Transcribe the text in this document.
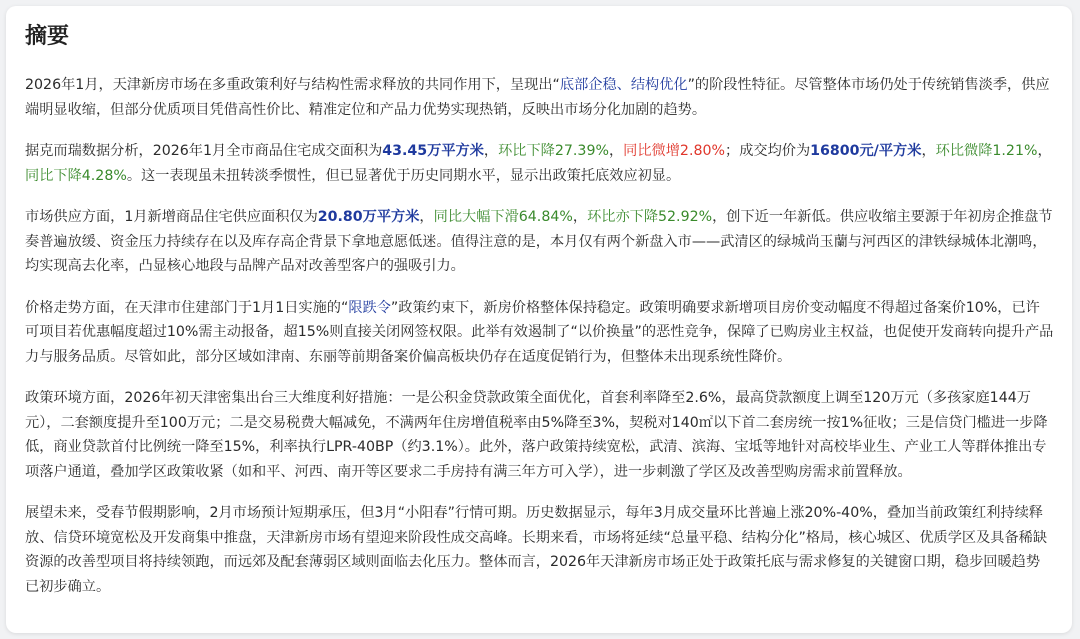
摘要

2026年1月，天津新房市场在多重政策利好与结构性需求释放的共同作用下，呈现出“底部企稳、结构优化”的阶段性特征。尽管整体市场仍处于传统销售淡季，供应端明显收缩，但部分优质项目凭借高性价比、精准定位和产品力优势实现热销，反映出市场分化加剧的趋势。

据克而瑞数据分析，2026年1月全市商品住宅成交面积为43.45万平方米，环比下降27.39%，同比微增2.80%；成交均价为16800元/平方米，环比微降1.21%，同比下降4.28%。这一表现虽未扭转淡季惯性，但已显著优于历史同期水平，显示出政策托底效应初显。

市场供应方面，1月新增商品住宅供应面积仅为20.80万平方米，同比大幅下滑64.84%，环比亦下降52.92%，创下近一年新低。供应收缩主要源于年初房企推盘节奏普遍放缓、资金压力持续存在以及库存高企背景下拿地意愿低迷。值得注意的是，本月仅有两个新盘入市——武清区的绿城尚玉蘭与河西区的津铁绿城体北潮鸣，均实现高去化率，凸显核心地段与品牌产品对改善型客户的强吸引力。

价格走势方面，在天津市住建部门于1月1日实施的“限跌令”政策约束下，新房价格整体保持稳定。政策明确要求新增项目房价变动幅度不得超过备案价10%，已许可项目若优惠幅度超过10%需主动报备，超15%则直接关闭网签权限。此举有效遏制了“以价换量”的恶性竞争，保障了已购房业主权益，也促使开发商转向提升产品力与服务品质。尽管如此，部分区域如津南、东丽等前期备案价偏高板块仍存在适度促销行为，但整体未出现系统性降价。

政策环境方面，2026年初天津密集出台三大维度利好措施：一是公积金贷款政策全面优化，首套利率降至2.6%，最高贷款额度上调至120万元（多孩家庭144万元），二套额度提升至100万元；二是交易税费大幅减免，不满两年住房增值税率由5%降至3%，契税对140㎡以下首二套房统一按1%征收；三是信贷门槛进一步降低，商业贷款首付比例统一降至15%，利率执行LPR-40BP（约3.1%）。此外，落户政策持续宽松，武清、滨海、宝坻等地针对高校毕业生、产业工人等群体推出专项落户通道，叠加学区政策收紧（如和平、河西、南开等区要求二手房持有满三年方可入学），进一步刺激了学区及改善型购房需求前置释放。

展望未来，受春节假期影响，2月市场预计短期承压，但3月“小阳春”行情可期。历史数据显示，每年3月成交量环比普遍上涨20%-40%，叠加当前政策红利持续释放、信贷环境宽松及开发商集中推盘，天津新房市场有望迎来阶段性成交高峰。长期来看，市场将延续“总量平稳、结构分化”格局，核心城区、优质学区及具备稀缺资源的改善型项目将持续领跑，而远郊及配套薄弱区域则面临去化压力。整体而言，2026年天津新房市场正处于政策托底与需求修复的关键窗口期，稳步回暖趋势已初步确立。
